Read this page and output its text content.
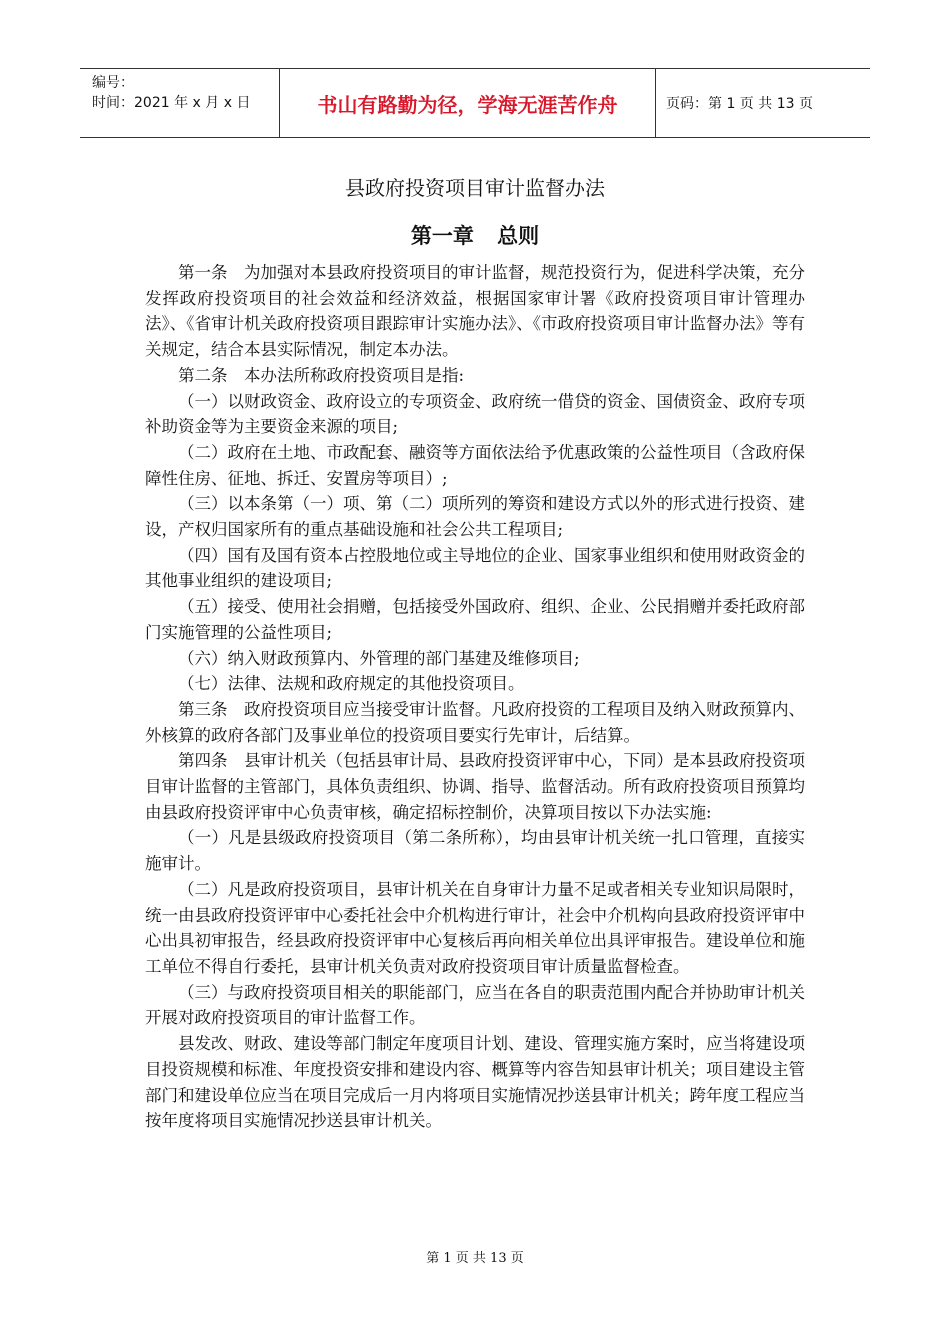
编号：
时间：2021 年 x 月 x 日	书山有路勤为径，学海无涯苦作舟	页码：第 1 页 共 13 页
县政府投资项目审计监督办法
第一章 总则

第一条　为加强对本县政府投资项目的审计监督，规范投资行为，促进科学决策，充分发挥政府投资项目的社会效益和经济效益，根据国家审计署《政府投资项目审计管理办法》、《省审计机关政府投资项目跟踪审计实施办法》、《市政府投资项目审计监督办法》等有关规定，结合本县实际情况，制定本办法。

第二条　本办法所称政府投资项目是指:

（一）以财政资金、政府设立的专项资金、政府统一借贷的资金、国债资金、政府专项补助资金等为主要资金来源的项目;

（二）政府在土地、市政配套、融资等方面依法给予优惠政策的公益性项目（含政府保障性住房、征地、拆迁、安置房等项目）;

（三）以本条第（一）项、第（二）项所列的筹资和建设方式以外的形式进行投资、建设，产权归国家所有的重点基础设施和社会公共工程项目;

（四）国有及国有资本占控股地位或主导地位的企业、国家事业组织和使用财政资金的其他事业组织的建设项目;

（五）接受、使用社会捐赠，包括接受外国政府、组织、企业、公民捐赠并委托政府部门实施管理的公益性项目;

（六）纳入财政预算内、外管理的部门基建及维修项目;

（七）法律、法规和政府规定的其他投资项目。

第三条　政府投资项目应当接受审计监督。凡政府投资的工程项目及纳入财政预算内、外核算的政府各部门及事业单位的投资项目要实行先审计，后结算。

第四条　县审计机关（包括县审计局、县政府投资评审中心，下同）是本县政府投资项目审计监督的主管部门，具体负责组织、协调、指导、监督活动。所有政府投资项目预算均由县政府投资评审中心负责审核，确定招标控制价，决算项目按以下办法实施:

（一）凡是县级政府投资项目（第二条所称），均由县审计机关统一扎口管理，直接实施审计。

（二）凡是政府投资项目，县审计机关在自身审计力量不足或者相关专业知识局限时，统一由县政府投资评审中心委托社会中介机构进行审计，社会中介机构向县政府投资评审中心出具初审报告，经县政府投资评审中心复核后再向相关单位出具评审报告。建设单位和施工单位不得自行委托，县审计机关负责对政府投资项目审计质量监督检查。

（三）与政府投资项目相关的职能部门，应当在各自的职责范围内配合并协助审计机关开展对政府投资项目的审计监督工作。

县发改、财政、建设等部门制定年度项目计划、建设、管理实施方案时，应当将建设项目投资规模和标准、年度投资安排和建设内容、概算等内容告知县审计机关；项目建设主管部门和建设单位应当在项目完成后一月内将项目实施情况抄送县审计机关；跨年度工程应当按年度将项目实施情况抄送县审计机关。

第 1 页 共 13 页
